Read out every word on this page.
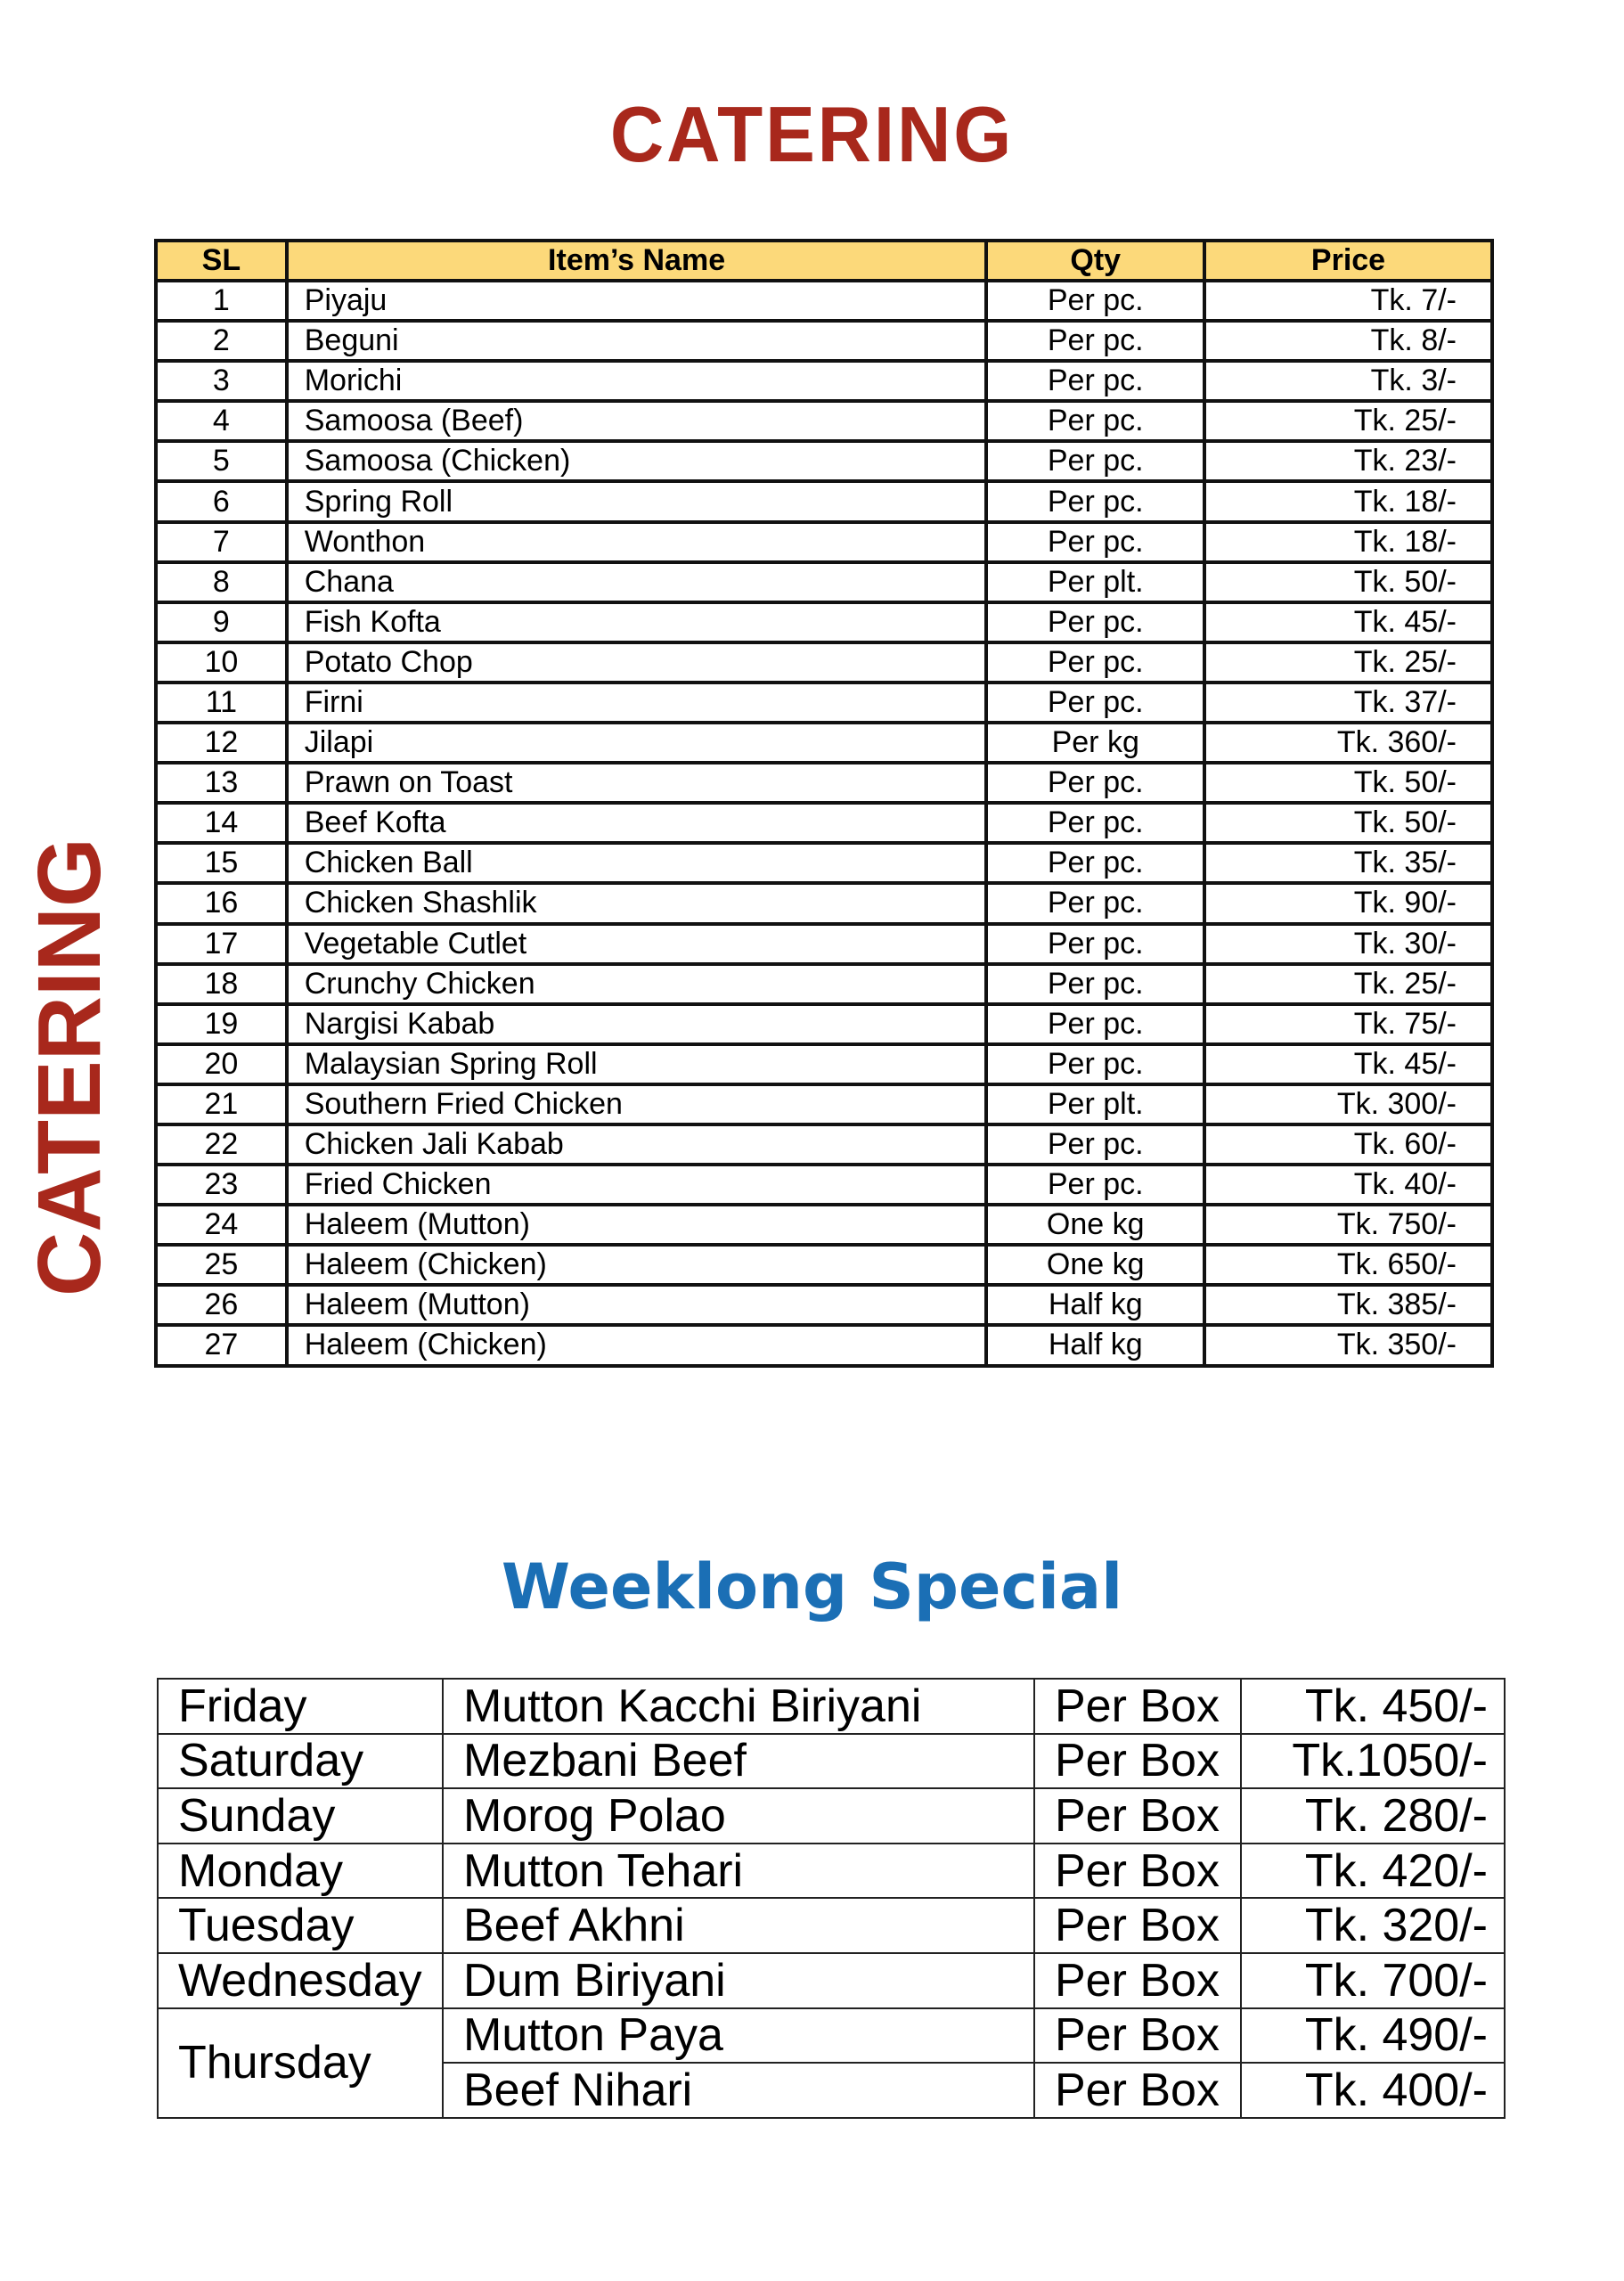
CATERING
CATERING
SL	Item’s Name	Qty	Price
1	Piyaju	Per pc.	Tk. 7/-
2	Beguni	Per pc.	Tk. 8/-
3	Morichi	Per pc.	Tk. 3/-
4	Samoosa (Beef)	Per pc.	Tk. 25/-
5	Samoosa (Chicken)	Per pc.	Tk. 23/-
6	Spring Roll	Per pc.	Tk. 18/-
7	Wonthon	Per pc.	Tk. 18/-
8	Chana	Per plt.	Tk. 50/-
9	Fish Kofta	Per pc.	Tk. 45/-
10	Potato Chop	Per pc.	Tk. 25/-
11	Firni	Per pc.	Tk. 37/-
12	Jilapi	Per kg	Tk. 360/-
13	Prawn on Toast	Per pc.	Tk. 50/-
14	Beef Kofta	Per pc.	Tk. 50/-
15	Chicken Ball	Per pc.	Tk. 35/-
16	Chicken Shashlik	Per pc.	Tk. 90/-
17	Vegetable Cutlet	Per pc.	Tk. 30/-
18	Crunchy Chicken	Per pc.	Tk. 25/-
19	Nargisi Kabab	Per pc.	Tk. 75/-
20	Malaysian Spring Roll	Per pc.	Tk. 45/-
21	Southern Fried Chicken	Per plt.	Tk. 300/-
22	Chicken Jali Kabab	Per pc.	Tk. 60/-
23	Fried Chicken	Per pc.	Tk. 40/-
24	Haleem (Mutton)	One kg	Tk. 750/-
25	Haleem (Chicken)	One kg	Tk. 650/-
26	Haleem (Mutton)	Half kg	Tk. 385/-
27	Haleem (Chicken)	Half kg	Tk. 350/-
Weeklong Special
Friday	Mutton Kacchi Biriyani	Per Box	Tk. 450/-
Saturday	Mezbani Beef	Per Box	Tk.1050/-
Sunday	Morog Polao	Per Box	Tk. 280/-
Monday	Mutton Tehari	Per Box	Tk. 420/-
Tuesday	Beef Akhni	Per Box	Tk. 320/-
Wednesday	Dum Biriyani	Per Box	Tk. 700/-
Thursday	Mutton Paya	Per Box	Tk. 490/-
	Beef Nihari	Per Box	Tk. 400/-
